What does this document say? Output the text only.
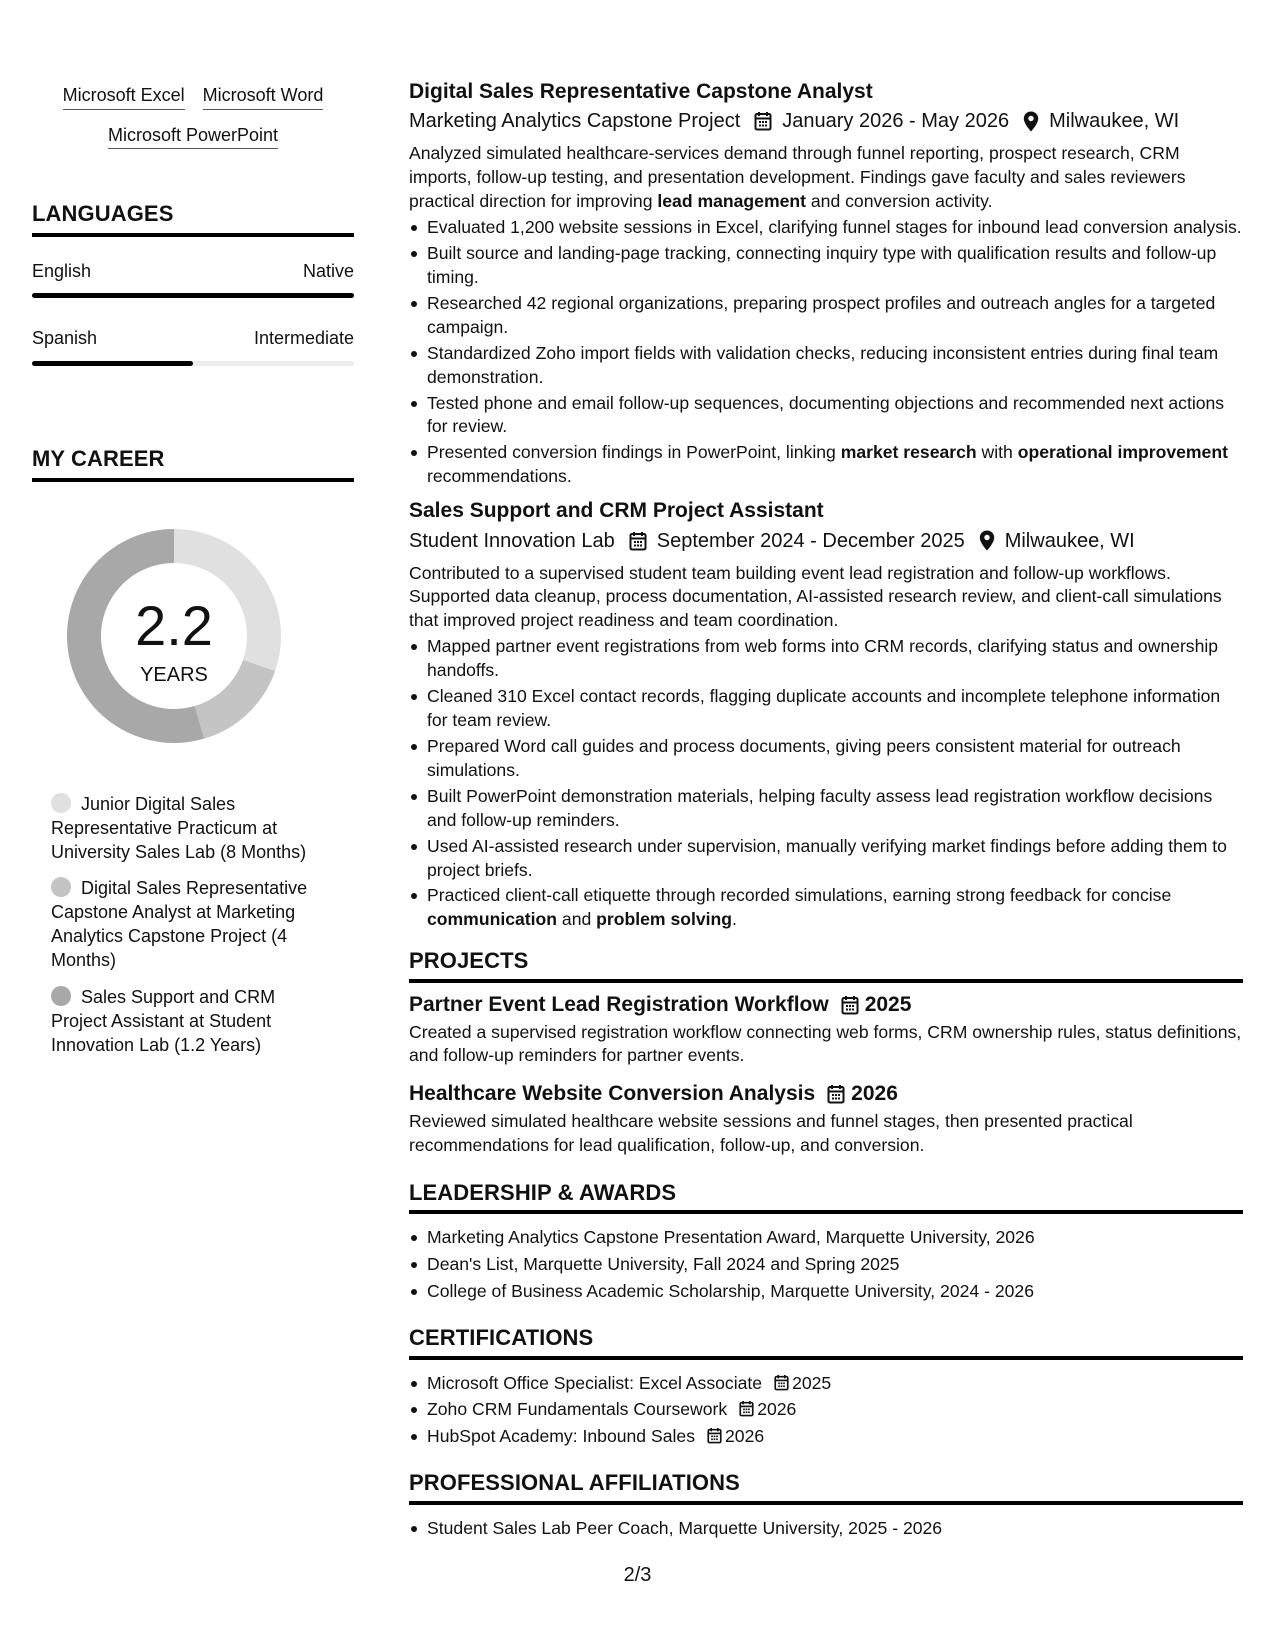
Microsoft Excel Microsoft Word
Microsoft PowerPoint
LANGUAGES
English	Native
Spanish	Intermediate
MY CAREER
2.2
YEARS
Junior Digital Sales Representative Practicum at University Sales Lab (8 Months)
Digital Sales Representative Capstone Analyst at Marketing Analytics Capstone Project (4 Months)
Sales Support and CRM Project Assistant at Student Innovation Lab (1.2 Years)
Digital Sales Representative Capstone Analyst
Marketing Analytics Capstone Project January 2026 - May 2026 Milwaukee, WI
Analyzed simulated healthcare-services demand through funnel reporting, prospect research, CRM imports, follow-up testing, and presentation development. Findings gave faculty and sales reviewers practical direction for improving lead management and conversion activity.
Evaluated 1,200 website sessions in Excel, clarifying funnel stages for inbound lead conversion analysis.
Built source and landing-page tracking, connecting inquiry type with qualification results and follow-up timing.
Researched 42 regional organizations, preparing prospect profiles and outreach angles for a targeted campaign.
Standardized Zoho import fields with validation checks, reducing inconsistent entries during final team demonstration.
Tested phone and email follow-up sequences, documenting objections and recommended next actions for review.
Presented conversion findings in PowerPoint, linking market research with operational improvement recommendations.
Sales Support and CRM Project Assistant
Student Innovation Lab September 2024 - December 2025 Milwaukee, WI
Contributed to a supervised student team building event lead registration and follow-up workflows. Supported data cleanup, process documentation, AI-assisted research review, and client-call simulations that improved project readiness and team coordination.
Mapped partner event registrations from web forms into CRM records, clarifying status and ownership handoffs.
Cleaned 310 Excel contact records, flagging duplicate accounts and incomplete telephone information for team review.
Prepared Word call guides and process documents, giving peers consistent material for outreach simulations.
Built PowerPoint demonstration materials, helping faculty assess lead registration workflow decisions and follow-up reminders.
Used AI-assisted research under supervision, manually verifying market findings before adding them to project briefs.
Practiced client-call etiquette through recorded simulations, earning strong feedback for concise communication and problem solving.
PROJECTS
Partner Event Lead Registration Workflow 2025
Created a supervised registration workflow connecting web forms, CRM ownership rules, status definitions, and follow-up reminders for partner events.
Healthcare Website Conversion Analysis 2026
Reviewed simulated healthcare website sessions and funnel stages, then presented practical recommendations for lead qualification, follow-up, and conversion.
LEADERSHIP & AWARDS
Marketing Analytics Capstone Presentation Award, Marquette University, 2026
Dean's List, Marquette University, Fall 2024 and Spring 2025
College of Business Academic Scholarship, Marquette University, 2024 - 2026
CERTIFICATIONS
Microsoft Office Specialist: Excel Associate 2025
Zoho CRM Fundamentals Coursework 2026
HubSpot Academy: Inbound Sales 2026
PROFESSIONAL AFFILIATIONS
Student Sales Lab Peer Coach, Marquette University, 2025 - 2026
2/3
